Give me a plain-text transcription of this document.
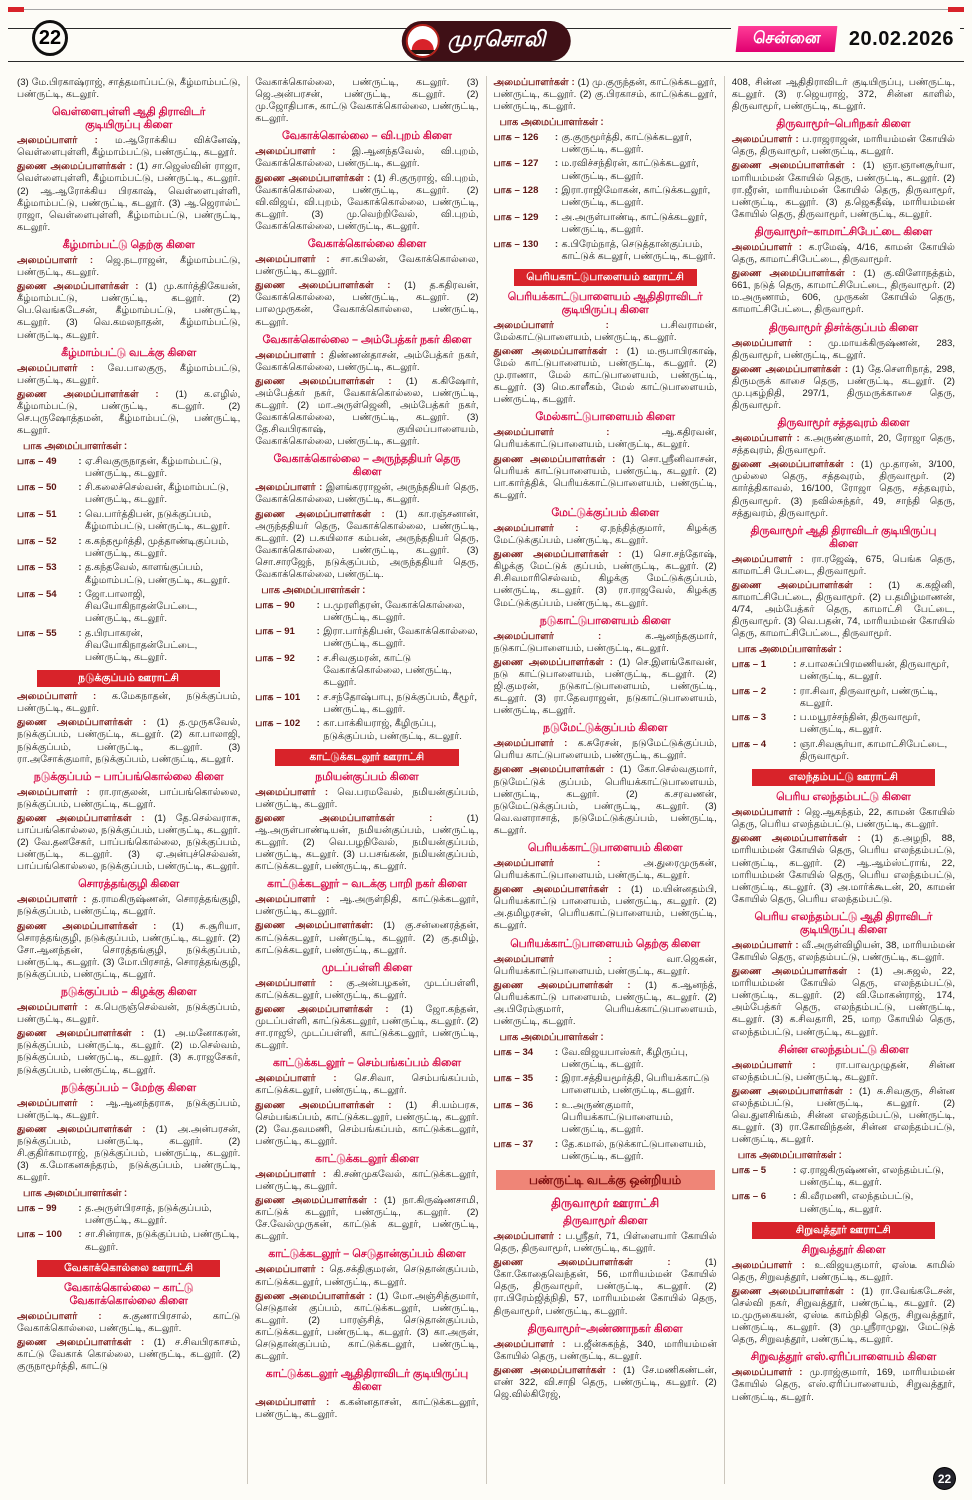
22	முரசொலி	சென்னை	20.02.2026
(3) மே.பிரகாஷ்ராஜ், சாத்தமாப்பட்டு, கீழ்மாம்பட்டு, பண்ருட்டி, கடலூர்.
வெள்ளைபுள்ளி ஆதி திராவிடர் குடியிருப்பு கிளை
அமைப்பாளர் : ம.ஆரோக்கிய விக்னேஷ், வெள்ளைபுள்ளி, கீழ்மாம்பட்டு, பண்ருட்டி, கடலூர்.
துணை அமைப்பாளர்கள் : (1) சா.ஜெஸ்வின் ராஜா, வெள்ளைபுள்ளி, கீழ்மாம்பட்டு, பண்ருட்டி, கடலூர். (2) ஆ.ஆரோக்கிய பிரகாஷ், வெள்ளைபுள்ளி, கீழ்மாம்பட்டு, பண்ருட்டி, கடலூர். (3) ஆ.ஜெரால்ட் ராஜா, வெள்ளைபுள்ளி, கீழ்மாம்பட்டு, பண்ருட்டி, கடலூர்.
கீழ்மாம்பட்டு தெற்கு கிளை
அமைப்பாளர் : ஜெ.நடராஜன், கீழ்மாம்பட்டு, பண்ருட்டி, கடலூர்.
துணை அமைப்பாளர்கள் : (1) மு.கார்த்திகேயன், கீழ்மாம்பட்டு, பண்ருட்டி, கடலூர். (2) பெ.வெங்கடேசன், கீழ்மாம்பட்டு, பண்ருட்டி, கடலூர். (3) வெ.கமலநாதன், கீழ்மாம்பட்டு, பண்ருட்டி, கடலூர்.
கீழ்மாம்பட்டு வடக்கு கிளை
அமைப்பாளர் : வே.பாலகுரு, கீழ்மாம்பட்டு, பண்ருட்டி, கடலூர்.
துணை அமைப்பாளர்கள் : (1) க.எழில், கீழ்மாம்பட்டு, பண்ருட்டி, கடலூர். (2) செ.புருஷோத்தமன், கீழ்மாம்பட்டு, பண்ருட்டி, கடலூர்.
பாக அமைப்பாளர்கள் :
பாக – 49	: ஏ.சிவகுருநாதன், கீழ்மாம்பட்டு, பண்ருட்டி, கடலூர்.
பாக – 50	: சி.கலைச்செல்வன், கீழ்மாம்பட்டு, பண்ருட்டி, கடலூர்.
பாக – 51	: வெ.பார்த்திபன், நடுக்குப்பம், கீழ்மாம்பட்டு, பண்ருட்டி, கடலூர்.
பாக – 52	: க.கந்தமூர்த்தி, முத்தாண்டிகுப்பம், பண்ருட்டி, கடலூர்.
பாக – 53	: த.கந்தவேல், காளங்குப்பம், கீழ்மாம்பட்டு, பண்ருட்டி, கடலூர்.
பாக – 54	: ஜோ.பாலாஜி, சிவயோகிநாதன்பேட்டை, பண்ருட்டி, கடலூர்.
பாக – 55	: த.பிரபாகரன், சிவயோகிநாதன்பேட்டை, பண்ருட்டி, கடலூர்.
நடுக்குப்பம் ஊராட்சி
அமைப்பாளர் : க.மேகநாதன், நடுக்குப்பம், பண்ருட்டி, கடலூர்.
துணை அமைப்பாளர்கள் : (1) த.முருகவேல், நடுக்குப்பம், பண்ருட்டி, கடலூர். (2) கா.பாலாஜி, நடுக்குப்பம், பண்ருட்டி, கடலூர். (3) ரா.அசோக்குமார், நடுக்குப்பம், பண்ருட்டி, கடலூர்.
நடுக்குப்பம் – பாப்பங்கொல்லை கிளை
அமைப்பாளர் : ரா.ராகுலன், பாப்பங்கொல்லை, நடுக்குப்பம், பண்ருட்டி, கடலூர்.
துணை அமைப்பாளர்கள் : (1) தே.செல்வராசு, பாப்பங்கொல்லை, நடுக்குப்பம், பண்ருட்டி, கடலூர். (2) வே.தனசேகர், பாப்பங்கொல்லை, நடுக்குப்பம், பண்ருட்டி, கடலூர். (3) ஏ.அன்புச்செல்வன், பாப்பங்கொல்லை, நடுக்குப்பம், பண்ருட்டி, கடலூர்.
சொரத்தங்குழி கிளை
அமைப்பாளர் : த.ராமகிருஷ்ணன், சொரத்தங்குழி, நடுக்குப்பம், பண்ருட்டி, கடலூர்.
துணை அமைப்பாளர்கள் : (1) சு.சூரியா, சொரத்தங்குழி, நடுக்குப்பம், பண்ருட்டி, கடலூர். (2) சோ.ஆனந்தன், சொரத்தங்குழி, நடுக்குப்பம், பண்ருட்டி, கடலூர். (3) மோ.பிரசாத், சொரத்தங்குழி, நடுக்குப்பம், பண்ருட்டி, கடலூர்.
நடுக்குப்பம் – கிழக்கு கிளை
அமைப்பாளர் : க.பெருஞ்செல்வன், நடுக்குப்பம், பண்ருட்டி, கடலூர்.
துணை அமைப்பாளர்கள் : (1) அ.மனோகரன், நடுக்குப்பம், பண்ருட்டி, கடலூர். (2) ம.செல்வம், நடுக்குப்பம், பண்ருட்டி, கடலூர். (3) சு.ராஜசேகர், நடுக்குப்பம், பண்ருட்டி, கடலூர்.
நடுக்குப்பம் – மேற்கு கிளை
அமைப்பாளர் : ஆ.ஆனந்தராசு, நடுக்குப்பம், பண்ருட்டி, கடலூர்.
துணை அமைப்பாளர்கள் : (1) அ.அன்பரசன், நடுக்குப்பம், பண்ருட்டி, கடலூர். (2) சி.குதிர்காமராஜ், நடுக்குப்பம், பண்ருட்டி, கடலூர். (3) க.மோகனசுந்தரம், நடுக்குப்பம், பண்ருட்டி, கடலூர்.
பாக அமைப்பாளர்கள் :
பாக – 99	: த.அருள்பிரசாத், நடுக்குப்பம், பண்ருட்டி, கடலூர்.
பாக – 100	: சா.சின்ராசு, நடுக்குப்பம், பண்ருட்டி, கடலூர்.
வேகாக்கொல்லை ஊராட்சி
வேகாக்கொல்லை – காட்டு வேகாக்கொல்லை கிளை
அமைப்பாளர் : சு.குணாபிரசால், காட்டு வேகாக்கொல்லை, பண்ருட்டி, கடலூர்.
துணை அமைப்பாளர்கள் : (1) ச.சிவபிரகாசம், காட்டு வேகாக் கொல்லை, பண்ருட்டி, கடலூர். (2) குருநாமூர்த்தி, காட்டு
வேகாக்கொல்லை, பண்ருட்டி, கடலூர். (3) ஜெ.அன்பரசன், பண்ருட்டி, கடலூர். (2) மு.ஜோதிபாசு, காட்டு வேகாக்கொல்லை, பண்ருட்டி, கடலூர்.
வேகாக்கொல்லை – வி.புறம் கிளை
அமைப்பாளர் : இ.ஆனந்தவேல், வி.புறம், வேகாக்கொல்லை, பண்ருட்டி, கடலூர்.
துணை அமைப்பாளர்கள் : (1) சி.குருராஜ், வி.புறம், வேகாக்கொல்லை, பண்ருட்டி, கடலூர். (2) வி.விஜய், வி.புறம், வேகாக்கொல்லை, பண்ருட்டி, கடலூர். (3) மு.வெற்றிவேல், வி.புறம், வேகாக்கொல்லை, பண்ருட்டி, கடலூர்.
வேகாக்கொல்லை கிளை
அமைப்பாளர் : சா.கபிலன், வேகாக்கொல்லை, பண்ருட்டி, கடலூர்.
துணை அமைப்பாளர்கள் : (1) த.கதிரவன், வேகாக்கொல்லை, பண்ருட்டி, கடலூர். (2) பாலமுருகன், வேகாக்கொல்லை, பண்ருட்டி, கடலூர்.
வேகாக்கொல்லை – அம்பேத்கர் நகர் கிளை
அமைப்பாளர் : திண்ணன்தாசன், அம்பேத்கர் நகர், வேகாக்கொல்லை, பண்ருட்டி, கடலூர்.
துணை அமைப்பாளர்கள் : (1) க.கிஷோர், அம்பேத்கர் நகர், வேகாக்கொல்லை, பண்ருட்டி, கடலூர். (2) மா.அருள்ஜெனி, அம்பேத்கர் நகர், வேகாக்கொல்லை, பண்ருட்டி, கடலூர். (3) தே.சிவபிரகாஷ், குயிலப்பாளையம், வேகாக்கொல்லை, பண்ருட்டி, கடலூர்.
வேகாக்கொல்லை – அருந்ததியர் தெரு கிளை
அமைப்பாளர் : இளங்கரராஜன், அருந்ததியர் தெரு, வேகாக்கொல்லை, பண்ருட்டி, கடலூர்.
துணை அமைப்பாளர்கள் : (1) கா.ரஞ்சனான், அருந்ததியர் தெரு, வேகாக்கொல்லை, பண்ருட்டி, கடலூர். (2) ப.கயிலாச கம்பன், அருந்ததியர் தெரு, வேகாக்கொல்லை, பண்ருட்டி, கடலூர். (3) சொ.சாரஜேந், நடுக்குப்பம், அருந்ததியர் தெரு, வேகாக்கொல்லை, பண்ருட்டி.
பாக அமைப்பாளர்கள் :
பாக – 90	: ப.முரளிதரன், வேகாக்கொல்லை, பண்ருட்டி, கடலூர்.
பாக – 91	: இரா.பார்த்திபன், வேகாக்கொல்லை, பண்ருட்டி, கடலூர்.
பாக – 92	: ச.சிவகுமரன், காட்டு வேகாக்கொல்லை, பண்ருட்டி, கடலூர்.
பாக – 101	: ச.சந்தோஷ்பாபு, நடுக்குப்பம், கீழூர், பண்ருட்டி, கடலூர்.
பாக – 102	: கா.பாக்கியராஜ், கீழிருப்பு, நடுக்குப்பம், பண்ருட்டி, கடலூர்.
காட்டுக்கடலூர் ஊராட்சி
நமியன்குப்பம் கிளை
அமைப்பாளர் : வெ.பரமவேல், நமியன்குப்பம், பண்ருட்டி, கடலூர்.
துணை அமைப்பாளர்கள் : (1) ஆ.அருள்பாண்டியன், நமியன்குப்பம், பண்ருட்டி, கடலூர். (2) வெ.பழநிவேல், நமியன்குப்பம், பண்ருட்டி, கடலூர். (3) ப.பசங்கன், நமியன்குப்பம், காட்டுக்கடலூர், பண்ருட்டி, கடலூர்.
காட்டுக்கடலூர் – வடக்கு பாறி நகர் கிளை
அமைப்பாளர் : ஆ.அருள்நிதி, காட்டுக்கடலூர், பண்ருட்டி, கடலூர்.
துணை அமைப்பாளர்கள்: (1) கு.சன்னைரத்தன், காட்டுக்கடலூர், பண்ருட்டி, கடலூர். (2) கு.தமிழ், காட்டுக்கடலூர், பண்ருட்டி, கடலூர்.
முடப்பள்ளி கிளை
அமைப்பாளர் : கு.அன்பழகன், முடப்பள்ளி, காட்டுக்கடலூர், பண்ருட்டி, கடலூர்.
துணை அமைப்பாளர்கள் : (1) ஜோ.கந்தன், முடப்பள்ளி, காட்டுக்கடலூர், பண்ருட்டி, கடலூர். (2) சா.ராஜூ, முடப்பள்ளி, காட்டுக்கடலூர், பண்ருட்டி, கடலூர்.
காட்டுக்கடலூர் – செம்பங்கப்பம் கிளை
அமைப்பாளர் : செ.சிவா, செம்பங்கப்பம், காட்டுக்கடலூர், பண்ருட்டி, கடலூர்.
துணை அமைப்பாளர்கள் : (1) சி.யம்பரசு, செம்பங்கப்பம், காட்டுக்கடலூர், பண்ருட்டி, கடலூர். (2) வே.தவமணி, செம்பங்கப்பம், காட்டுக்கடலூர், பண்ருட்டி, கடலூர்.
காட்டுக்கடலூர் கிளை
அமைப்பாளர் : கி.சண்முகவேல், காட்டுக்கடலூர், பண்ருட்டி, கடலூர்.
துணை அமைப்பாளர்கள் : (1) நா.கிருஷ்ணசாமி, காட்டுக் கடலூர், பண்ருட்டி, கடலூர். (2) சே.வேல்முருகன், காட்டுக் கடலூர், பண்ருட்டி, கடலூர்.
காட்டுக்கடலூர் – செடுதான்குப்பம் கிளை
அமைப்பாளர் : தெ.சக்திகுமரன், செடுதான்குப்பம், காட்டுக்கடலூர், பண்ருட்டி, கடலூர்.
துணை அமைப்பாளர்கள் : (1) மோ.அஞ்சித்குமார், செடுதான் குப்பம், காட்டுக்கடலூர், பண்ருட்டி, கடலூர். (2) பாரஞ்சித், செடுதான்குப்பம், காட்டுக்கடலூர், பண்ருட்டி, கடலூர். (3) கா.அருள், செடுதான்குப்பம், காட்டுக்கடலூர், பண்ருட்டி, கடலூர்.
காட்டுக்கடலூர் ஆதிதிராவிடர் குடியிருப்பு கிளை
அமைப்பாளர் : க.கன்னதாசன், காட்டுக்கடலூர், பண்ருட்டி, கடலூர்.
அமைப்பாளர்கள் : (1) மு.குருந்தன், காட்டுக்கடலூர், பண்ருட்டி, கடலூர். (2) கு.பிரகாசம், காட்டுக்கடலூர், பண்ருட்டி, கடலூர்.
பாக அமைப்பாளர்கள் :
பாக – 126	: கு.குருமூர்த்தி, காட்டுக்கடலூர், பண்ருட்டி, கடலூர்.
பாக – 127	: ம.ரவிச்சந்திரன், காட்டுக்கடலூர், பண்ருட்டி, கடலூர்.
பாக – 128	: இரா.ராஜிமோகன், காட்டுக்கடலூர், பண்ருட்டி, கடலூர்.
பாக – 129	: அ.அருள்பாண்டி, காட்டுக்கடலூர், பண்ருட்டி, கடலூர்.
பாக – 130	: க.பிரேம்நாத், செடுத்தான்குப்பம், காட்டுக் கடலூர், பண்ருட்டி, கடலூர்.
பெரியகாட்டுபாளையம் ஊராட்சி
பெரியக்காட்டுபாளையம் ஆதிதிராவிடர் குடியிருப்பு கிளை
அமைப்பாளர் : ப.சிவராமன், மேல்காட்டுபாளையம், பண்ருட்டி, கடலூர்.
துணை அமைப்பாளர்கள் : (1) ம.ரூபாபிரகாஷ், மேல் காட்டுபாளையம், பண்ருட்டி, கடலூர். (2) மு.ராணா, மேல் காட்டுபாளையம், பண்ருட்டி, கடலூர். (3) மெ.காளீகம், மேல் காட்டுபாளையம், பண்ருட்டி, கடலூர்.
மேல்காட்டுபாளையம் கிளை
அமைப்பாளர் : ஆ.கதிரவன், பெரியக்காட்டுபாளையம், பண்ருட்டி, கடலூர்.
துணை அமைப்பாளர்கள் : (1) சொ.ஸ்ரீனிவாசன், பெரியக் காட்டுபாளையம், பண்ருட்டி, கடலூர். (2) பா.கார்த்திக், பெரியக்காட்டுபாளையம், பண்ருட்டி, கடலூர்.
மேட்டுக்குப்பம் கிளை
அமைப்பாளர் : ஏ.நந்தித்குமார், கிழக்கு மேட்டுக்குப்பம், பண்ருட்டி, கடலூர்.
துணை அமைப்பாளர்கள் : (1) சொ.சந்தோஷ், கிழக்கு மேட்டுக் குப்பம், பண்ருட்டி, கடலூர். (2) சி.சிவமாரிசெல்வம், கிழக்கு மேட்டுக்குப்பம், பண்ருட்டி, கடலூர். (3) ரா.ராஜவேல், கிழக்கு மேட்டுக்குப்பம், பண்ருட்டி, கடலூர்.
நடுகாட்டுபாளையம் கிளை
அமைப்பாளர் : க.ஆனந்தகுமார், நடுகாட்டுபாளையம், பண்ருட்டி, கடலூர்.
துணை அமைப்பாளர்கள் : (1) செ.இளங்கோவன், நடு காட்டுபாளையம், பண்ருட்டி, கடலூர். (2) ஜி.குமரன், நடுகாட்டுபாளையம், பண்ருட்டி, கடலூர். (3) ரா.தேவராஜன், நடுகாட்டுபாளையம், பண்ருட்டி, கடலூர்.
நடுமேட்டுக்குப்பம் கிளை
அமைப்பாளர் : க.சுரேசன், நடுமேட்டுக்குப்பம், பெரிய காட்டுபாளையம், பண்ருட்டி, கடலூர்.
துணை அமைப்பாளர்கள் : (1) கோ.செல்வகுமார், நடுமேட்டுக் குப்பம், பெரியக்காட்டுபாளையம், பண்ருட்டி, கடலூர். (2) க.சரவணன், நடுமேட்டுக்குப்பம், பண்ருட்டி, கடலூர். (3) வெ.வளராசாத், நடுமேட்டுக்குப்பம், பண்ருட்டி, கடலூர்.
பெரியக்காட்டுபாளையம் கிளை
அமைப்பாளர் : அ.துரைமுருகன், பெரியக்காட்டுபாளையம், பண்ருட்டி, கடலூர்.
துணை அமைப்பாளர்கள் : (1) ம.யின்னதம்பி, பெரியக்காட்டு பாளையம், பண்ருட்டி, கடலூர். (2) அ.தமிழரசன், பெரியகாட்டுபாளையம், பண்ருட்டி, கடலூர்.
பெரியக்காட்டுபாளையம் தெற்கு கிளை
அமைப்பாளர் : வா.ஜெகன், பெரியக்காட்டுபாளையம், பண்ருட்டி, கடலூர்.
துணை அமைப்பாளர்கள் : (1) க.ஆனந்த், பெரியக்காட்டு பாளையம், பண்ருட்டி, கடலூர். (2) அ.பிரேம்குமார், பெரியக்காட்டுபாளையம், பண்ருட்டி, கடலூர்.
பாக அமைப்பாளர்கள் :
பாக – 34	: வே.விஜயபாஸ்கர், கீழிருப்பு, பண்ருட்டி, கடலூர்.
பாக – 35	: இரா.சத்தியமூர்த்தி, பெரியக்காட்டு பாளையம், பண்ருட்டி, கடலூர்.
பாக – 36	: உ.அருண்குமார், பெரியக்காட்டுபாளையம், பண்ருட்டி, கடலூர்.
பாக – 37	: தே.கமால், நடுக்காட்டுபாளையம், பண்ருட்டி, கடலூர்.
பண்ருட்டி வடக்கு ஒன்றியம்
திருவாமூர் ஊராட்சி
திருவாமூர் கிளை
அமைப்பாளர் : ப.ஸ்ரீதர், 71, பிள்ளையார் கோயில் தெரு, திருவாமூர், பண்ருட்டி, கடலூர்.
துணை அமைப்பாளர்கள் : (1) கோ.கோதைவெந்தன், 56, மாரியம்மன் கோயில் தெரு, திருவாமூர், பண்ருட்டி, கடலூர். (2) ரா.பிரேம்ஜித்நிதி, 57, மாரியம்மன் கோயில் தெரு, திருவாமூர், பண்ருட்டி, கடலூர்.
திருவாமூர்–அண்ணாநகர் கிளை
அமைப்பாளர் : ப.ஜீன்சுகந்த், 340, மாரியம்மன் கோயில் தெரு, பண்ருட்டி, கடலூர்.
துணை அமைப்பாளர்கள் : (1) சே.மணிகண்டன், எண் 322, வி.சாநி தெரு, பண்ருட்டி, கடலூர். (2) ஜெ.வில்கிரேஜ்,
408, சின்ன ஆதிதிராவிடர் குடியிருப்பு, பண்ருட்டி, கடலூர். (3) ர.ஜெயராஜ், 372, சின்ன காளில், திருவாமூர், பண்ருட்டி, கடலூர்.
திருவாமூர்–பெரிநகர் கிளை
அமைப்பாளர் : ப.ராஜராஜன், மாரியம்மன் கோயில் தெரு, திருவாமூர், பண்ருட்டி, கடலூர்.
துணை அமைப்பாளர்கள் : (1) ஞா.ஞானசூர்யா, மாரியம்மன் கோயில் தெரு, பண்ருட்டி, கடலூர். (2) ரா.ஜீரன், மாரியம்மன் கோயில் தெரு, திருவாமூர், பண்ருட்டி, கடலூர். (3) த.ஜெகதீஷ், மாரியம்மன் கோயில் தெரு, திருவாமூர், பண்ருட்டி, கடலூர்.
திருவாமூர்–காமாட்சிபேட்டை கிளை
அமைப்பாளர் : க.ரமேஷ், 4/16, காமன் கோயில் தெரு, காமாட்சிபேட்டை, திருவாமூர்.
துணை அமைப்பாளர்கள் : (1) கு.விளோநத்தம், 661, நடுத் தெரு, காமாட்சிபேட்டை, திருவாமூர். (2) ம.அருணாம், 606, முருகன் கோயில் தெரு, காமாட்சிபேட்டை, திருவாமூர்.
திருவாமூர் திசர்க்குப்பம் கிளை
அமைப்பாளர் : மு.மாயக்கிருஷ்ணன், 283, திருவாமூர், பண்ருட்டி, கடலூர்.
துணை அமைப்பாளர்கள் : (1) தே.சௌரிநாத், 298, திருமருக் காசை தெரு, பண்ருட்டி, கடலூர். (2) மு.புகழ்நிதி, 297/1, திருமருக்காசை தெரு, திருவாமூர்.
திருவாமூர் சத்தவுரம் கிளை
அமைப்பாளர் : க.அருண்குமார், 20, ரோஜா தெரு, சத்தவுரம், திருவாமூர்.
துணை அமைப்பாளர்கள் : (1) மு.தாரன், 3/100, முல்லை தெரு, சத்தவுரம், திருவாமூர். (2) கார்த்திகாவல், 16/100, ரோஜா தெரு, சத்தவுரம், திருவாமூர். (3) நவில்சுந்தர், 49, சாந்தி தெரு, சத்துவரம், திருவாமூர்.
திருவாமூர் ஆதி திராவிடர் குடியிருப்பு கிளை
அமைப்பாளர் : ரா.ரஜேஷ், 675, பெங்க தெரு, காமாட்சி பேட்டை, திருவாமூர்.
துணை அமைப்பாளர்கள் : (1) க.கஜினி, காமாட்சிபேட்டை, திருவாமூர். (2) ப.தமிழ்மாணன், 4/74, அம்பேத்கர் தெரு, காமாட்சி பேட்டை, திருவாமூர். (3) வெ.பதன், 74, மாரியம்மன் கோயில் தெரு, காமாட்சிபேட்டை, திருவாமூர்.
பாக அமைப்பாளர்கள் :
பாக – 1	: ச.பாலசுப்பிரமணியன், திருவாமூர், பண்ருட்டி, கடலூர்.
பாக – 2	: ரா.சிவா, திருவாமூர், பண்ருட்டி, கடலூர்.
பாக – 3	: ப.மயூரச்சந்தின், திருவாமூர், பண்ருட்டி, கடலூர்.
பாக – 4	: ஞா.சிவசூர்யா, காமாட்சிபேட்டை, திருவாமூர்.
எலந்தம்பட்டு ஊராட்சி
பெரிய எலந்தம்பட்டு கிளை
அமைப்பாளர் : ஜெ.ஆகந்தம், 22, காமன் கோயில் தெரு, பெரிய எலந்தம்பட்டு, பண்ருட்டி, கடலூர்.
துணை அமைப்பாளர்கள் : (1) த.அழநி, 88, மாரியம்மன் கோயில் தெரு, பெரிய எலந்தம்பட்டு, பண்ருட்டி, கடலூர். (2) ஆ.ஆம்ஸ்ட்ராங், 22, மாரியம்மன் கோயில் தெரு, பெரிய எலந்தம்பட்டு, பண்ருட்டி, கடலூர். (3) அ.மார்க்கூடன், 20, காமன் கோயில் தெரு, பெரிய எலந்தம்பட்டு.
பெரிய எலந்தம்பட்டு ஆதி திராவிடர் குடியிருப்பு கிளை
அமைப்பாளர் : வீ.அருள்விழியன், 38, மாரியம்மன் கோயில் தெரு, எலந்தம்பட்டு, பண்ருட்டி, கடலூர்.
துணை அமைப்பாளர்கள் : (1) அ.சுஜல், 22, மாரியம்மன் கோயில் தெரு, எலந்தம்பட்டு, பண்ருட்டி, கடலூர். (2) வி.மோகன்ராஜ், 174, அம்பேத்கர் தெரு, எலந்தம்பட்டு, பண்ருட்டி, கடலூர். (3) க.சிவதாரி, 25, மாற கோயில் தெரு, எலந்தம்பட்டு, பண்ருட்டி, கடலூர்.
சின்ன எலந்தம்பட்டு கிளை
அமைப்பாளர் : ரா.பாவமுழுதன், சின்ன எலந்தம்பட்டு, பண்ருட்டி, கடலூர்.
துணை அமைப்பாளர்கள் : (1) சு.சிவகுரு, சின்ன எலந்தம்பட்டு, பண்ருட்டி, கடலூர். (2) வெ.துளசிங்கம், சின்ன எலந்தம்பட்டு, பண்ருட்டி, கடலூர். (3) ரா.கோவிந்தன், சின்ன எலந்தம்பட்டு, பண்ருட்டி, கடலூர்.
பாக அமைப்பாளர்கள் :
பாக – 5	: ஏ.ராஜகிருஷ்ணன், எலந்தம்பட்டு, பண்ருட்டி, கடலூர்.
பாக – 6	: கி.வீரமணி, எலந்தம்பட்டு, பண்ருட்டி, கடலூர்.
சிறுவத்தூர் ஊராட்சி
சிறுவத்தூர் கிளை
அமைப்பாளர் : உ.விஜயகுமார், ஏஸ்டீ காமில் தெரு, சிறுவத்தூர், பண்ருட்டி, கடலூர்.
துணை அமைப்பாளர்கள் : (1) ரா.வேங்கடேசன், செல்வி நகர், சிறுவத்தூர், பண்ருட்டி, கடலூர். (2) ம.முருகையன், ஏஸ்டீ காம்நிதி தெரு, சிறுவத்தூர், பண்ருட்டி, கடலூர். (3) மு.ஸ்ரீராமுலு, மேட்டுத் தெரு, சிறுவத்தூர், பண்ருட்டி, கடலூர்.
சிறுவத்தூர் எஸ்.ஏரிப்பாளையம் கிளை
அமைப்பாளர் : மு.ராஜ்குமார், 169, மாரியம்மன் கோயில் தெரு, எஸ்.ஏரிப்பாளையம், சிறுவத்தூர், பண்ருட்டி, கடலூர்.
22
